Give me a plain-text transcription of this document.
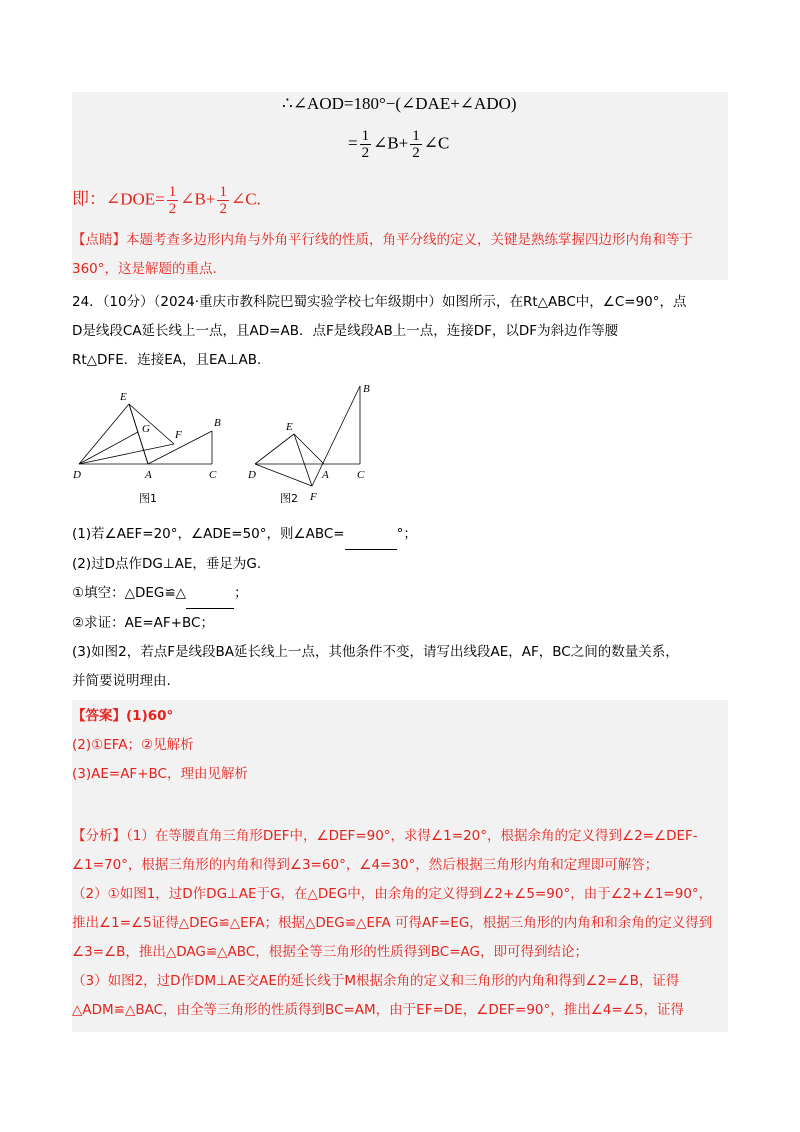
∴∠AOD=180°−(∠DAE+∠ADO)
= $\frac{1}{2}$ ∠B+ $\frac{1}{2}$ ∠C
即：∠DOE= $\frac{1}{2}$ ∠B+ $\frac{1}{2}$ ∠C.
【点睛】本题考查多边形内角与外角平行线的性质，角平分线的定义，关键是熟练掌握四边形内角和等于
360°，这是解题的重点.
24．（10分）（2024·重庆市教科院巴蜀实验学校七年级期中）如图所示，在Rt△ABC中，∠C=90°，点
D是线段CA延长线上一点，且AD=AB．点F是线段AB上一点，连接DF，以DF为斜边作等腰
Rt△DFE．连接EA，且EA⊥AB．
E
G F
B
D	A	C
B
E
D	A	C
F
图1	图2
(1)若∠AEF=20°，∠ADE=50°，则∠ABC=	°；
(2)过D点作DG⊥AE，垂足为G.
①填空：△DEG≌△	；
②求证：AE=AF+BC；
(3)如图2，若点F是线段BA延长线上一点，其他条件不变，请写出线段AE，AF，BC之间的数量关系，
并简要说明理由.
【答案】(1)60°
(2)①EFA；②见解析
(3)AE=AF+BC，理由见解析
【分析】（1）在等腰直角三角形DEF中，∠DEF=90°，求得∠1=20°，根据余角的定义得到∠2=∠DEF-
∠1=70°，根据三角形的内角和得到∠3=60°，∠4=30°，然后根据三角形内角和定理即可解答；
（2）①如图1，过D作DG⊥AE于G，在△DEG中，由余角的定义得到∠2+∠5=90°，由于∠2+∠1=90°，
推出∠1=∠5证得△DEG≌△EFA；根据△DEG≌△EFA 可得AF=EG，根据三角形的内角和和余角的定义得到
∠3=∠B，推出△DAG≌△ABC，根据全等三角形的性质得到BC=AG，即可得到结论；
（3）如图2，过D作DM⊥AE交AE的延长线于M根据余角的定义和三角形的内角和得到∠2=∠B，证得
△ADM≌△BAC，由全等三角形的性质得到BC=AM，由于EF=DE，∠DEF=90°，推出∠4=∠5，证得
